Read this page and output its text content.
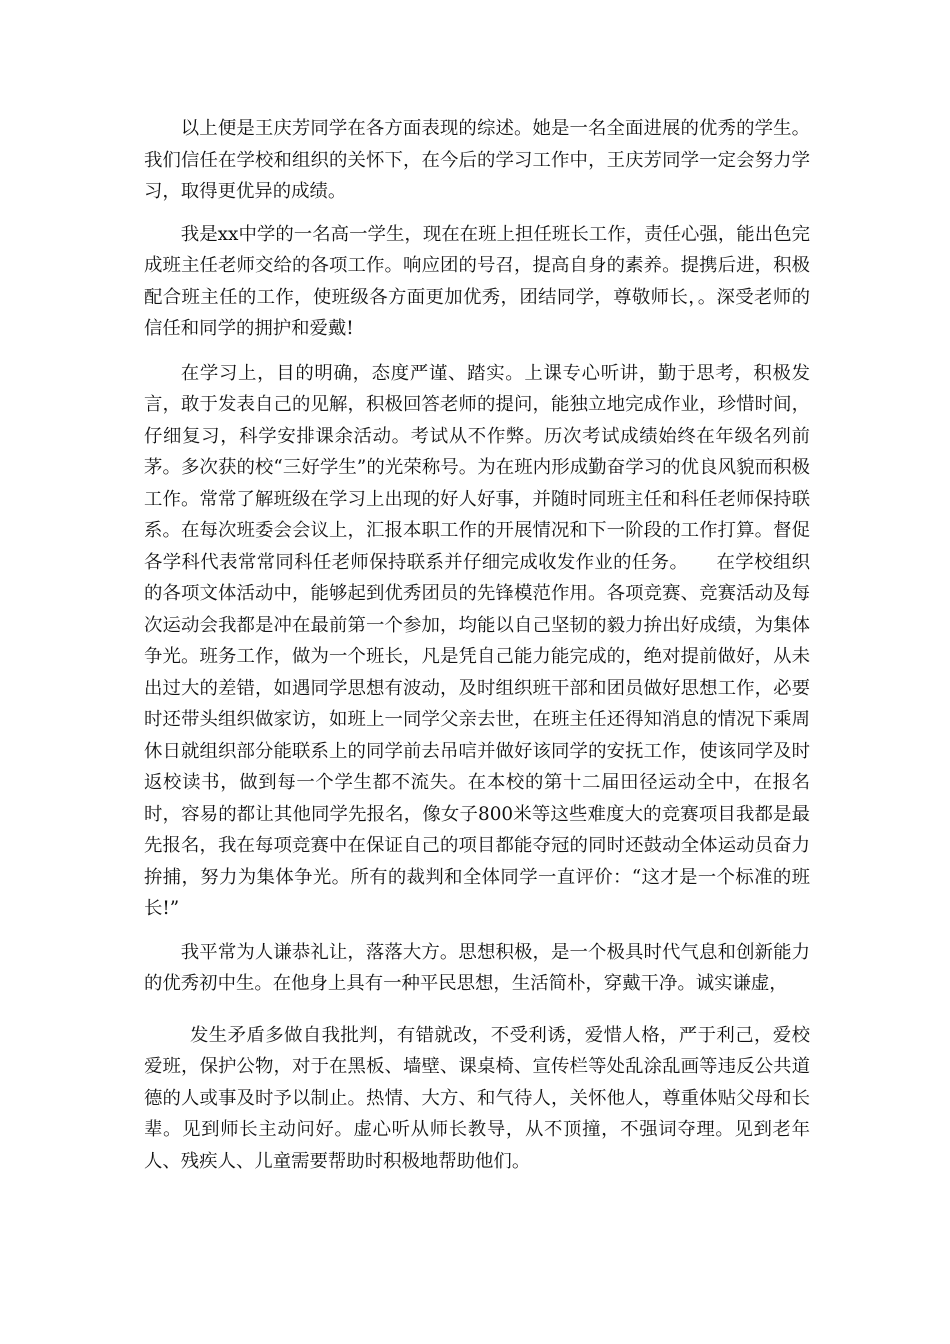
以上便是王庆芳同学在各方面表现的综述。她是一名全面进展的优秀的学生。我们信任在学校和组织的关怀下，在今后的学习工作中，王庆芳同学一定会努力学习，取得更优异的成绩。

我是xx中学的一名高一学生，现在在班上担任班长工作，责任心强，能出色完成班主任老师交给的各项工作。响应团的号召，提高自身的素养。提携后进，积极配合班主任的工作，使班级各方面更加优秀，团结同学，尊敬师长，。深受老师的信任和同学的拥护和爱戴!

在学习上，目的明确，态度严谨、踏实。上课专心听讲，勤于思考，积极发言，敢于发表自己的见解，积极回答老师的提问，能独立地完成作业，珍惜时间，仔细复习，科学安排课余活动。考试从不作弊。历次考试成绩始终在年级名列前茅。多次获的校“三好学生”的光荣称号。为在班内形成勤奋学习的优良风貌而积极工作。常常了解班级在学习上出现的好人好事，并随时同班主任和科任老师保持联系。在每次班委会会议上，汇报本职工作的开展情况和下一阶段的工作打算。督促各学科代表常常同科任老师保持联系并仔细完成收发作业的任务。　　在学校组织的各项文体活动中，能够起到优秀团员的先锋模范作用。各项竞赛、竞赛活动及每次运动会我都是冲在最前第一个参加，均能以自己坚韧的毅力拚出好成绩，为集体争光。班务工作，做为一个班长，凡是凭自己能力能完成的，绝对提前做好，从未出过大的差错，如遇同学思想有波动，及时组织班干部和团员做好思想工作，必要时还带头组织做家访，如班上一同学父亲去世，在班主任还得知消息的情况下乘周休日就组织部分能联系上的同学前去吊唁并做好该同学的安抚工作，使该同学及时返校读书，做到每一个学生都不流失。在本校的第十二届田径运动全中，在报名时，容易的都让其他同学先报名，像女子800米等这些难度大的竞赛项目我都是最先报名，我在每项竞赛中在保证自己的项目都能夺冠的同时还鼓动全体运动员奋力拚捕，努力为集体争光。所有的裁判和全体同学一直评价：“这才是一个标准的班长!”

我平常为人谦恭礼让，落落大方。思想积极，是一个极具时代气息和创新能力的优秀初中生。在他身上具有一种平民思想，生活简朴，穿戴干净。诚实谦虚，

发生矛盾多做自我批判，有错就改，不受利诱，爱惜人格，严于利己，爱校爱班，保护公物，对于在黑板、墙壁、课桌椅、宣传栏等处乱涂乱画等违反公共道德的人或事及时予以制止。热情、大方、和气待人，关怀他人，尊重体贴父母和长辈。见到师长主动问好。虚心听从师长教导，从不顶撞，不强词夺理。见到老年人、残疾人、儿童需要帮助时积极地帮助他们。
